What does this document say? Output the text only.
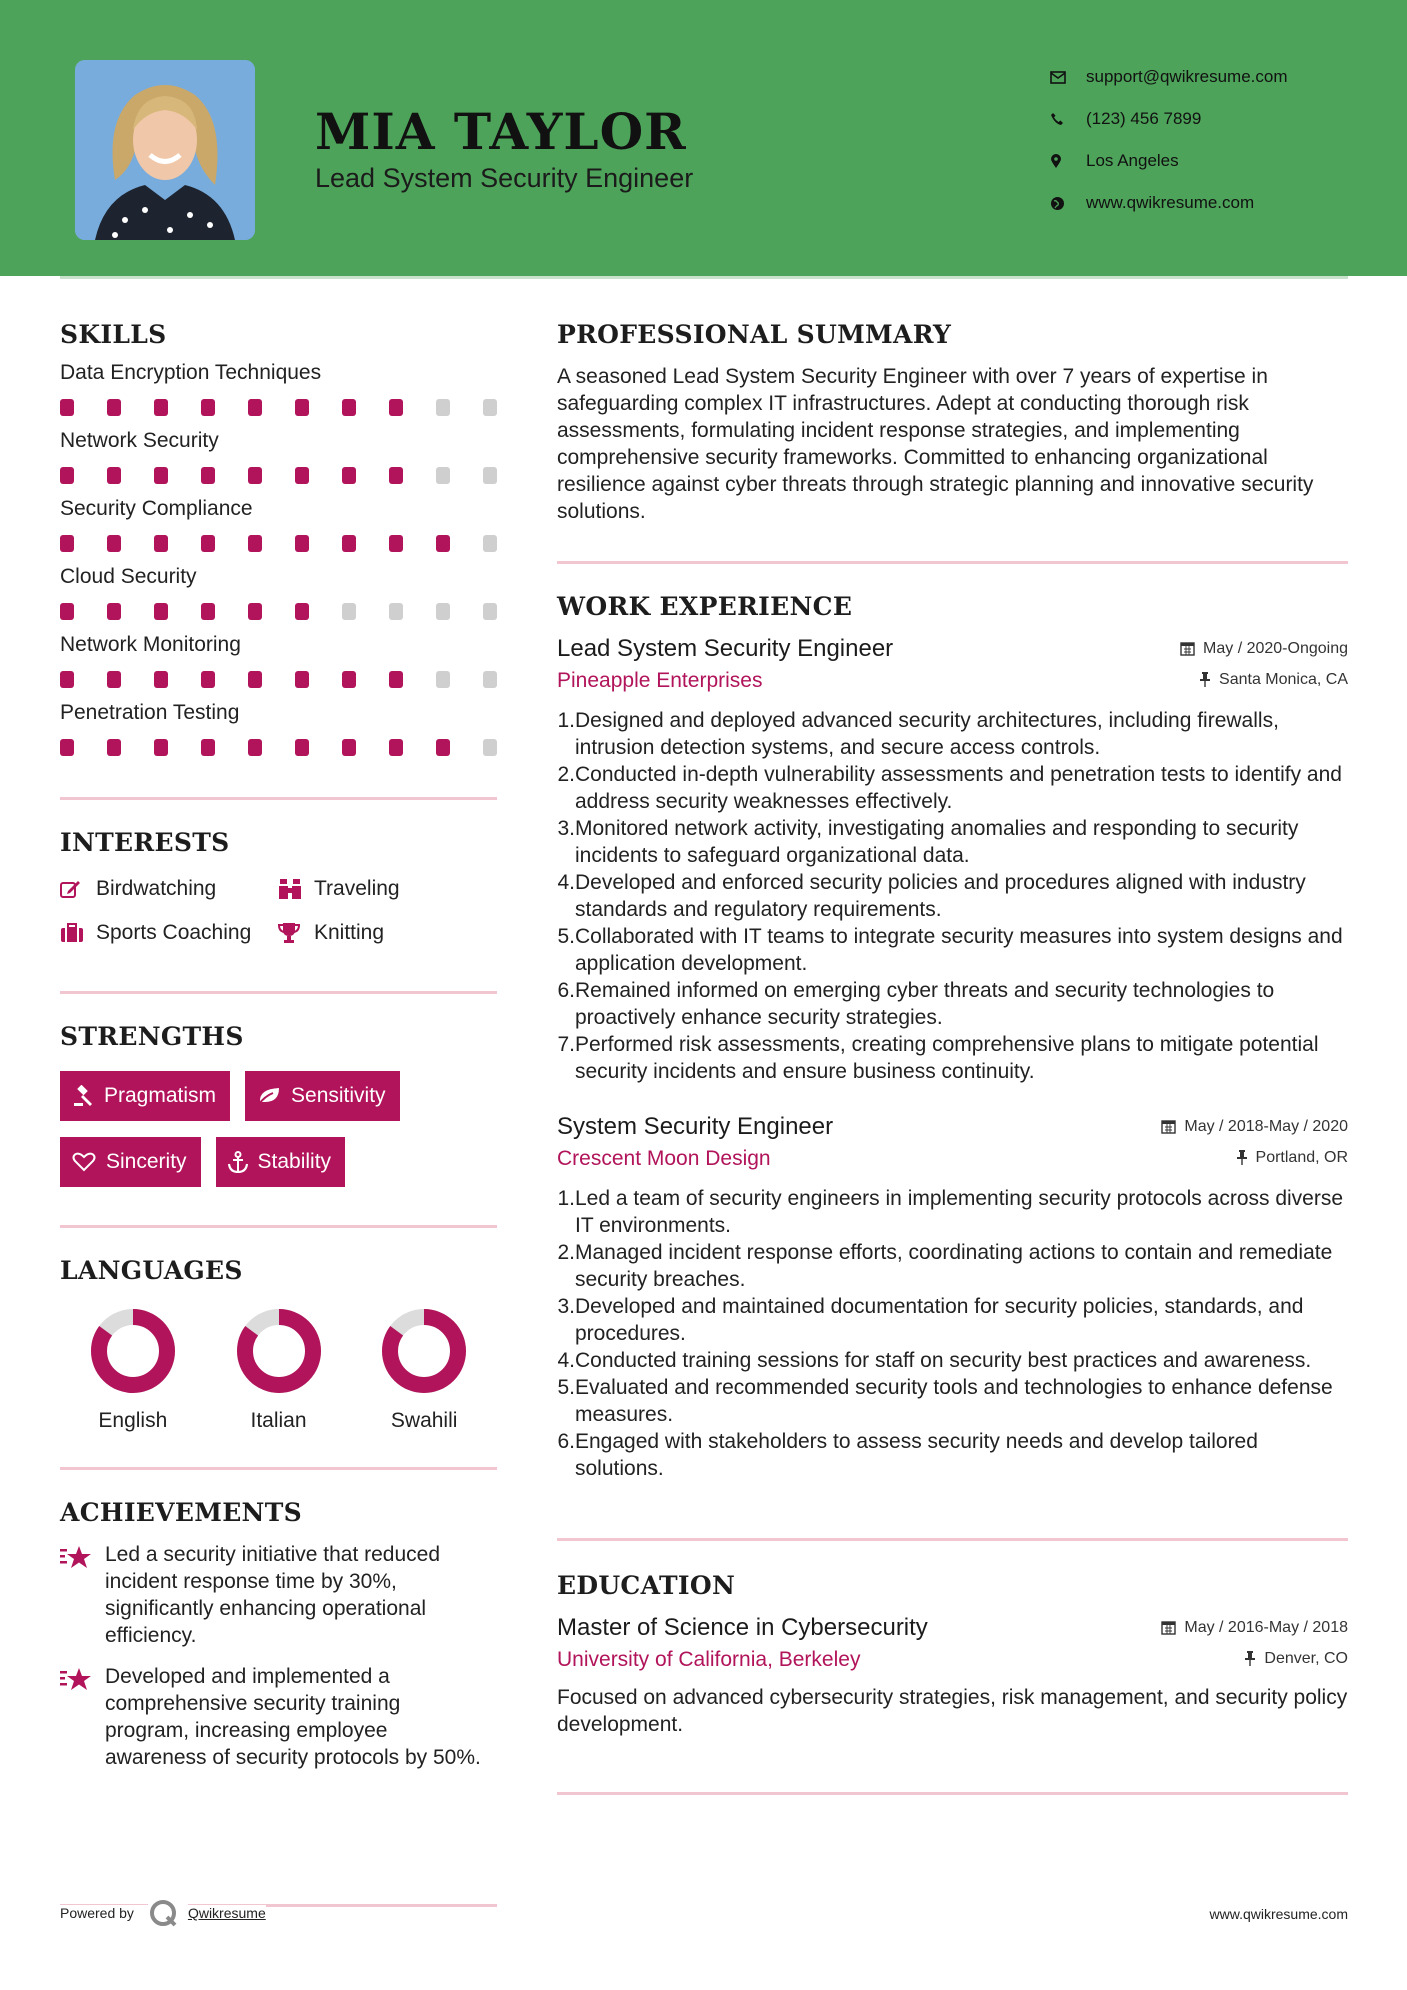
MIA TAYLOR
Lead System Security Engineer
support@qwikresume.com
(123) 456 7899
Los Angeles
www.qwikresume.com
SKILLS
Data Encryption Techniques
Network Security
Security Compliance
Cloud Security
Network Monitoring
Penetration Testing
INTERESTS
Birdwatching	Traveling
Sports Coaching	Knitting
STRENGTHS
Pragmatism	Sensitivity
Sincerity	Stability
LANGUAGES
English	Italian	Swahili
ACHIEVEMENTS
Led a security initiative that reduced incident response time by 30%, significantly enhancing operational efficiency.
Developed and implemented a comprehensive security training program, increasing employee awareness of security protocols by 50%.
PROFESSIONAL SUMMARY
A seasoned Lead System Security Engineer with over 7 years of expertise in safeguarding complex IT infrastructures. Adept at conducting thorough risk assessments, formulating incident response strategies, and implementing comprehensive security frameworks. Committed to enhancing organizational resilience against cyber threats through strategic planning and innovative security solutions.
WORK EXPERIENCE
Lead System Security Engineer	May / 2020-Ongoing
Pineapple Enterprises	Santa Monica, CA
1. Designed and deployed advanced security architectures, including firewalls, intrusion detection systems, and secure access controls.
2. Conducted in-depth vulnerability assessments and penetration tests to identify and address security weaknesses effectively.
3. Monitored network activity, investigating anomalies and responding to security incidents to safeguard organizational data.
4. Developed and enforced security policies and procedures aligned with industry standards and regulatory requirements.
5. Collaborated with IT teams to integrate security measures into system designs and application development.
6. Remained informed on emerging cyber threats and security technologies to proactively enhance security strategies.
7. Performed risk assessments, creating comprehensive plans to mitigate potential security incidents and ensure business continuity.
System Security Engineer	May / 2018-May / 2020
Crescent Moon Design	Portland, OR
1. Led a team of security engineers in implementing security protocols across diverse IT environments.
2. Managed incident response efforts, coordinating actions to contain and remediate security breaches.
3. Developed and maintained documentation for security policies, standards, and procedures.
4. Conducted training sessions for staff on security best practices and awareness.
5. Evaluated and recommended security tools and technologies to enhance defense measures.
6. Engaged with stakeholders to assess security needs and develop tailored solutions.
EDUCATION
Master of Science in Cybersecurity	May / 2016-May / 2018
University of California, Berkeley	Denver, CO
Focused on advanced cybersecurity strategies, risk management, and security policy development.
Powered by	Qwikresume	www.qwikresume.com
